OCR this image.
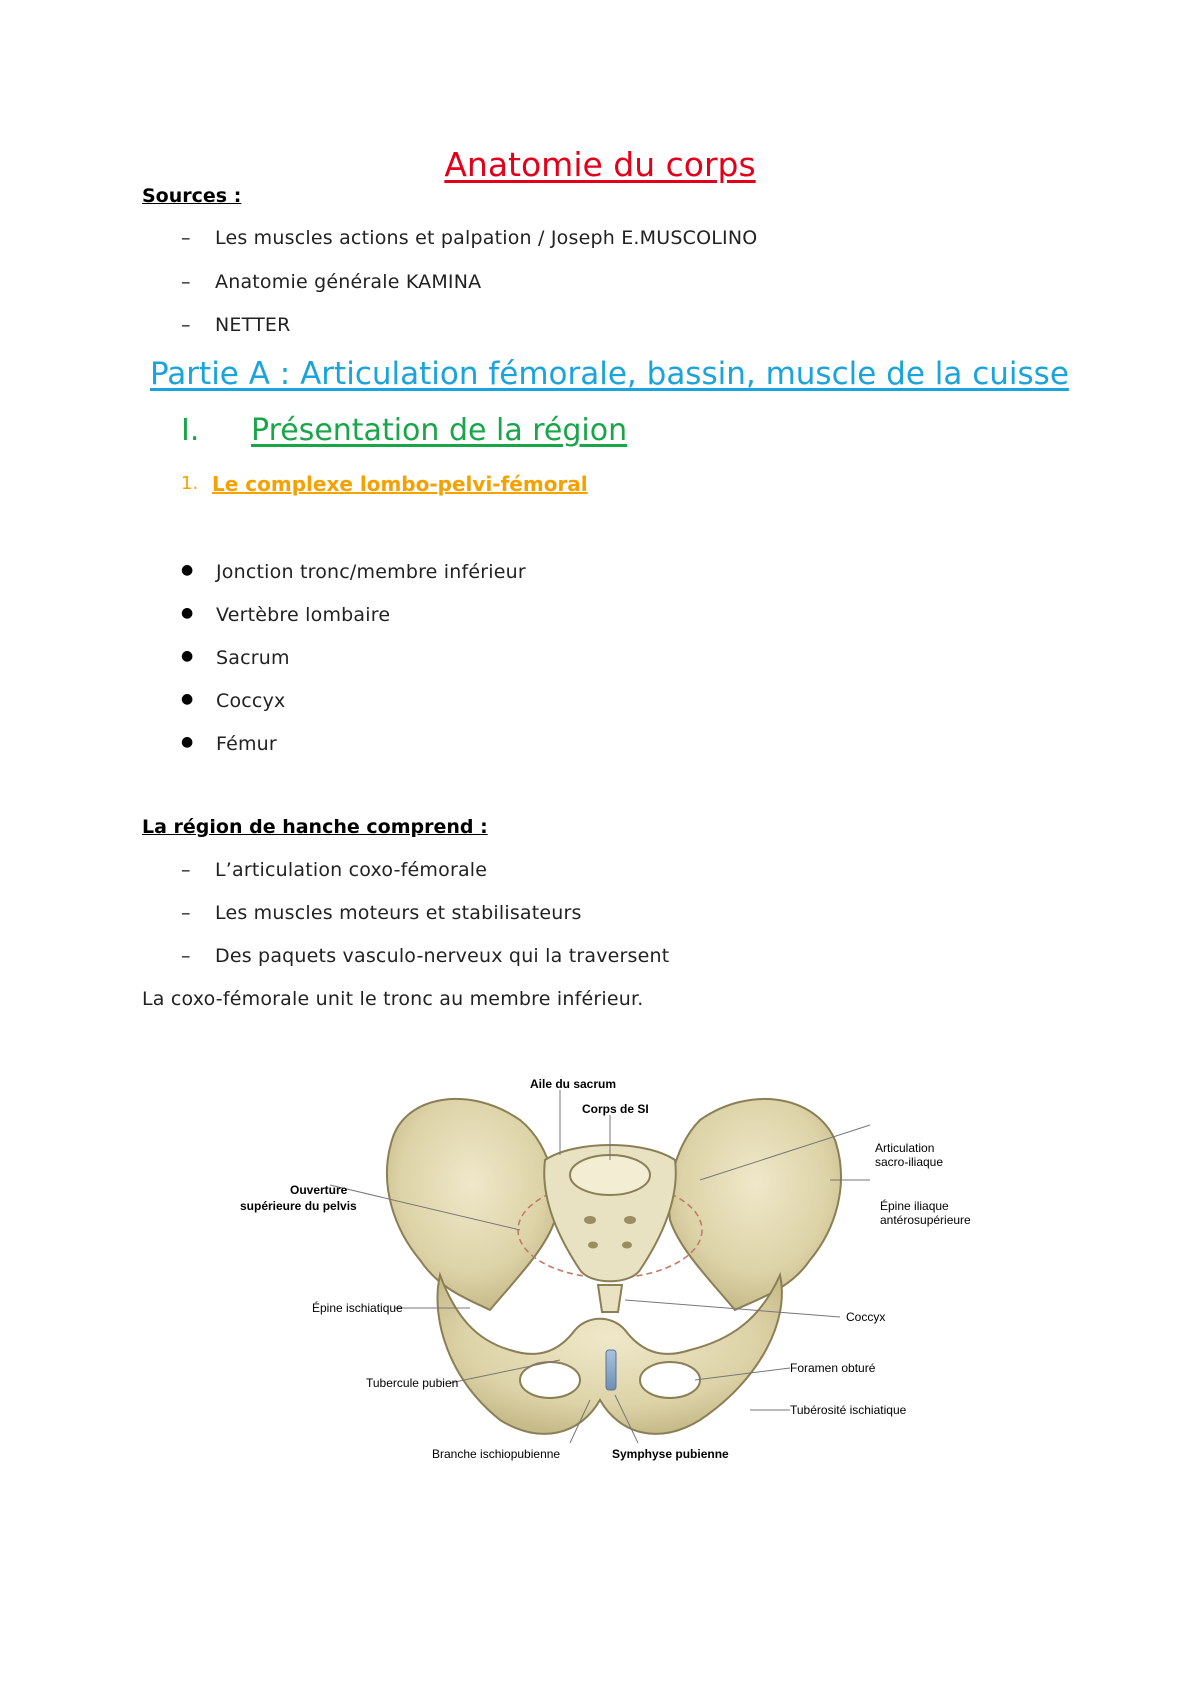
Anatomie du corps
Sources :
– Les muscles actions et palpation / Joseph E.MUSCOLINO
– Anatomie générale KAMINA
– NETTER
Partie A : Articulation fémorale, bassin, muscle de la cuisse
I. Présentation de la région
1. Le complexe lombo-pelvi-fémoral
● Jonction tronc/membre inférieur
● Vertèbre lombaire
● Sacrum
● Coccyx
● Fémur
La région de hanche comprend :
– L’articulation coxo-fémorale
– Les muscles moteurs et stabilisateurs
– Des paquets vasculo-nerveux qui la traversent
La coxo-fémorale unit le tronc au membre inférieur.
Aile du sacrum
Corps de SI
Articulation
sacro-iliaque
Ouverture
supérieure du pelvis	Épine iliaque
antérosupérieure
Épine ischiatique
Coccyx
Tubercule pubien
Foramen obturé
Tubérosité ischiatique
Branche ischiopubienne	Symphyse pubienne
